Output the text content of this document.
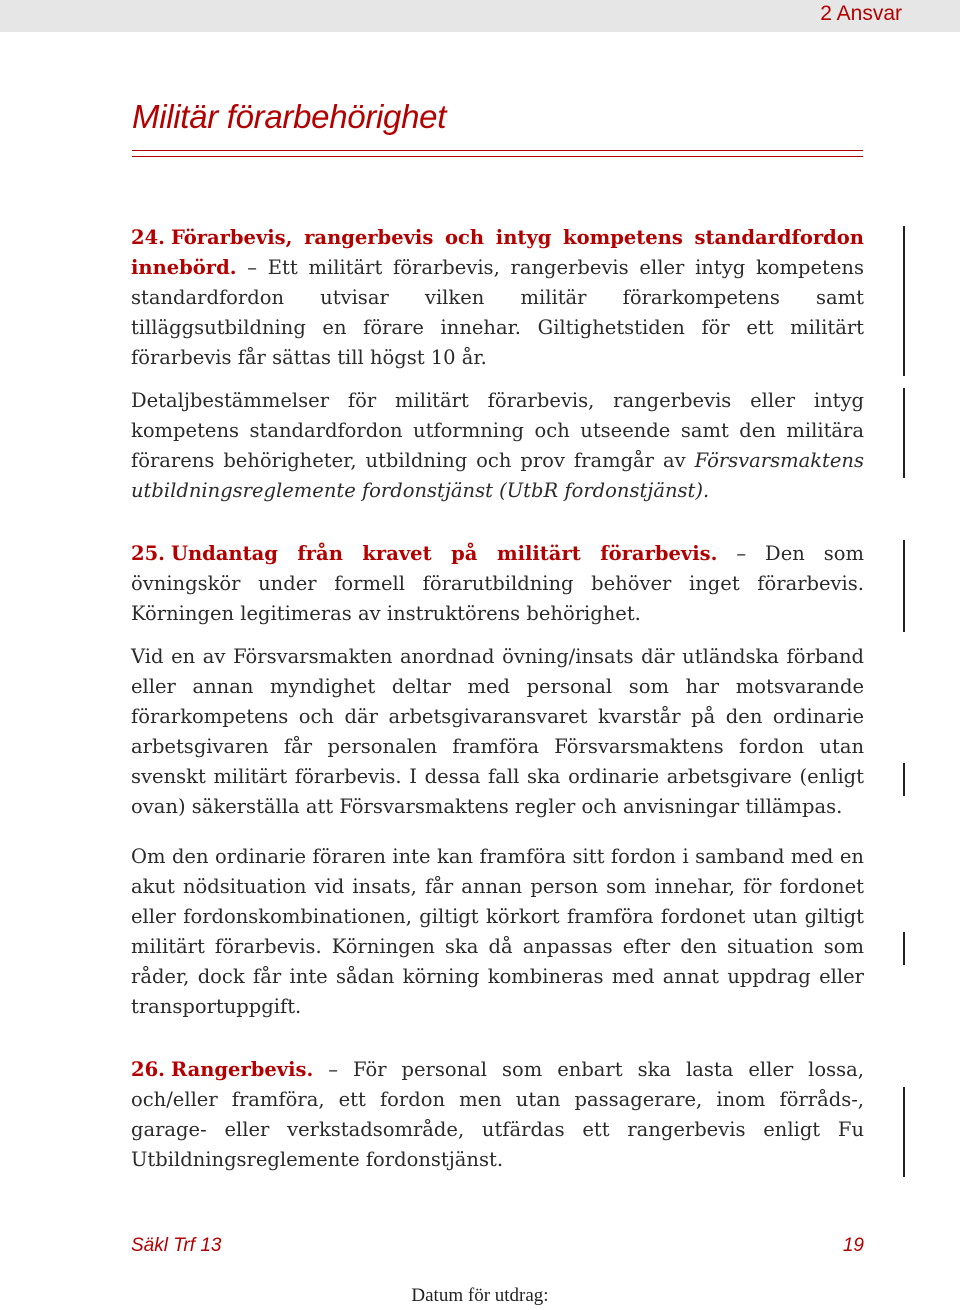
2 Ansvar
Militär förarbehörighet

24. Förarbevis, rangerbevis och intyg kompetens standardfordon innebörd. – Ett militärt förarbevis, rangerbevis eller intyg kompetens standardfordon utvisar vilken militär förarkompetens samt tilläggsutbildning en förare innehar. Giltighetstiden för ett militärt förarbevis får sättas till högst 10 år.

Detaljbestämmelser för militärt förarbevis, rangerbevis eller intyg kompetens standardfordon utformning och utseende samt den militära förarens behörigheter, utbildning och prov framgår av Försvarsmaktens utbildningsreglemente fordonstjänst (UtbR fordonstjänst).

25. Undantag från kravet på militärt förarbevis. – Den som övningskör under formell förarutbildning behöver inget förarbevis. Körningen legitimeras av instruktörens behörighet.

Vid en av Försvarsmakten anordnad övning/insats där utländska förband eller annan myndighet deltar med personal som har motsvarande förarkompetens och där arbetsgivaransvaret kvarstår på den ordinarie arbetsgivaren får personalen framföra Försvarsmaktens fordon utan svenskt militärt förarbevis. I dessa fall ska ordinarie arbetsgivare (enligt ovan) säkerställa att Försvarsmaktens regler och anvisningar tillämpas.

Om den ordinarie föraren inte kan framföra sitt fordon i samband med en akut nödsituation vid insats, får annan person som innehar, för fordonet eller fordonskombinationen, giltigt körkort framföra fordonet utan giltigt militärt förarbevis. Körningen ska då anpassas efter den situation som råder, dock får inte sådan körning kombineras med annat uppdrag eller transportuppgift.

26. Rangerbevis. – För personal som enbart ska lasta eller lossa, och/eller framföra, ett fordon men utan passagerare, inom förråds-, garage- eller verkstadsområde, utfärdas ett rangerbevis enligt Fu Utbildningsreglemente fordonstjänst.

Säkl Trf 13	19
Datum för utdrag:
